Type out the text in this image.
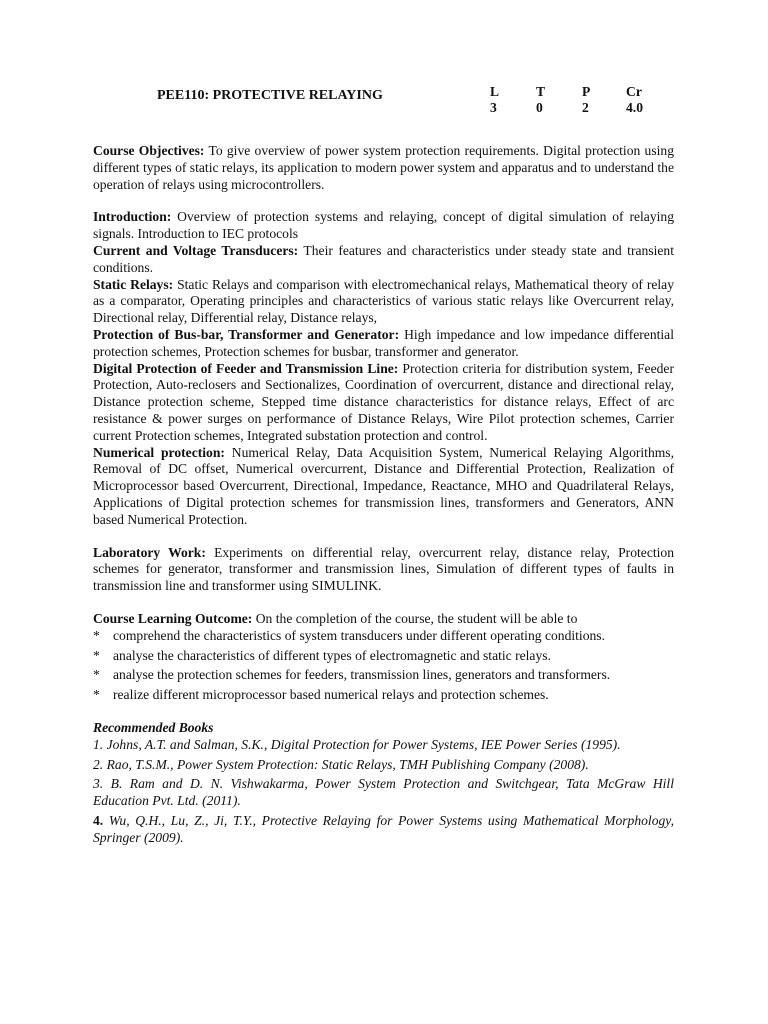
PEE110: PROTECTIVE RELAYING	L
3
T
0
P
2
Cr
4.0

Course Objectives: To give overview of power system protection requirements. Digital protection using different types of static relays, its application to modern power system and apparatus and to understand the operation of relays using microcontrollers.

Introduction: Overview of protection systems and relaying, concept of digital simulation of relaying signals. Introduction to IEC protocols

Current and Voltage Transducers: Their features and characteristics under steady state and transient conditions.

Static Relays: Static Relays and comparison with electromechanical relays, Mathematical theory of relay as a comparator, Operating principles and characteristics of various static relays like Overcurrent relay, Directional relay, Differential relay, Distance relays,

Protection of Bus-bar, Transformer and Generator: High impedance and low impedance differential protection schemes, Protection schemes for busbar, transformer and generator.

Digital Protection of Feeder and Transmission Line: Protection criteria for distribution system, Feeder Protection, Auto-reclosers and Sectionalizes, Coordination of overcurrent, distance and directional relay, Distance protection scheme, Stepped time distance characteristics for distance relays, Effect of arc resistance & power surges on performance of Distance Relays, Wire Pilot protection schemes, Carrier current Protection schemes, Integrated substation protection and control.

Numerical protection: Numerical Relay, Data Acquisition System, Numerical Relaying Algorithms, Removal of DC offset, Numerical overcurrent, Distance and Differential Protection, Realization of Microprocessor based Overcurrent, Directional, Impedance, Reactance, MHO and Quadrilateral Relays, Applications of Digital protection schemes for transmission lines, transformers and Generators, ANN based Numerical Protection.

Laboratory Work: Experiments on differential relay, overcurrent relay, distance relay, Protection schemes for generator, transformer and transmission lines, Simulation of different types of faults in transmission line and transformer using SIMULINK.

Course Learning Outcome: On the completion of the course, the student will be able to

* comprehend the characteristics of system transducers under different operating conditions.

* analyse the characteristics of different types of electromagnetic and static relays.

* analyse the protection schemes for feeders, transmission lines, generators and transformers.

* realize different microprocessor based numerical relays and protection schemes.

Recommended Books

1. Johns, A.T. and Salman, S.K., Digital Protection for Power Systems, IEE Power Series (1995).

2. Rao, T.S.M., Power System Protection: Static Relays, TMH Publishing Company (2008).

3. B. Ram and D. N. Vishwakarma, Power System Protection and Switchgear, Tata McGraw Hill Education Pvt. Ltd. (2011).

4. Wu, Q.H., Lu, Z., Ji, T.Y., Protective Relaying for Power Systems using Mathematical Morphology, Springer (2009).
